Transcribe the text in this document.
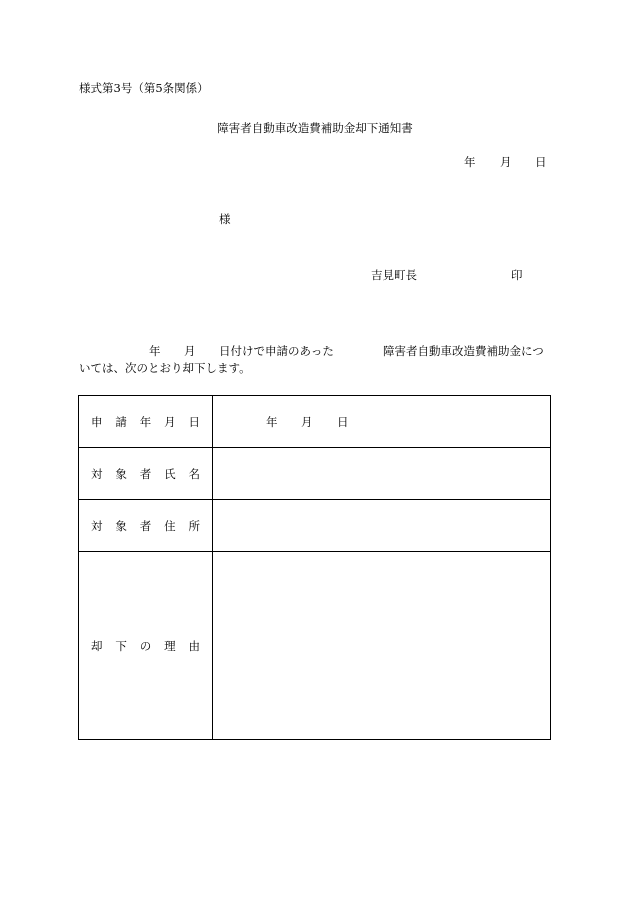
様式第3号（第5条関係）
障害者自動車改造費補助金却下通知書
年 月 日
様
吉見町長	印
年 月 日付けで申請のあった	障害者自動車改造費補助金につ
いては、次のとおり却下します。
申 請 年 月 日	年 月 日

対 象 者 氏 名	

対 象 者 住 所	

却 下 の 理 由	
